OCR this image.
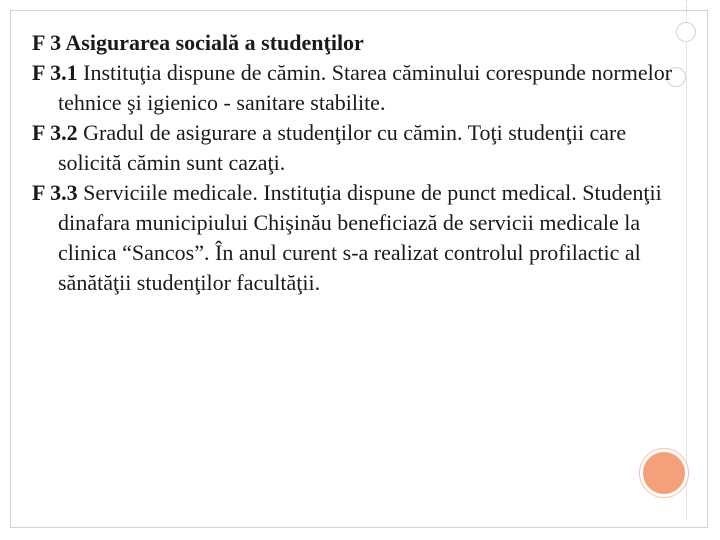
F 3 Asigurarea socială a studenţilor

F 3.1 Instituţia dispune de cămin. Starea căminului corespunde normelor tehnice şi igienico - sanitare stabilite.

F 3.2 Gradul de asigurare a studenţilor cu cămin. Toţi studenţii care solicită cămin sunt cazaţi.

F 3.3 Serviciile medicale. Instituţia dispune de punct medical. Studenţii dinafara municipiului Chişinău beneficiază de servicii medicale la clinica “Sancos”. În anul curent s-a realizat controlul profilactic al sănătăţii studenţilor facultăţii.
